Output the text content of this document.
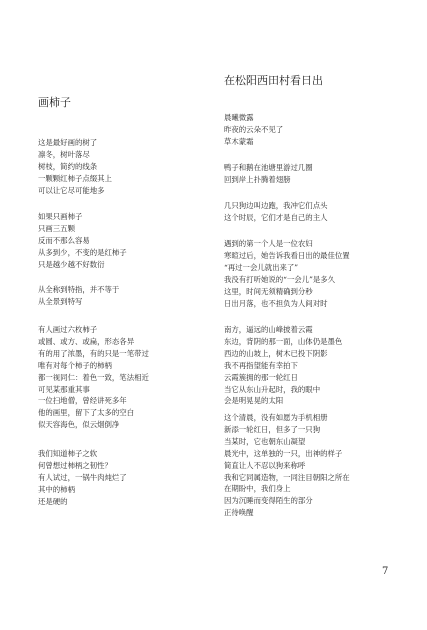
画柿子
这是最好画的树了
凛冬，树叶落尽
树枝，简约的线条
一颗颗红柿子点缀其上
可以让它尽可能地多
如果只画柿子
只画三五颗
反而不那么容易
从多到少，不变的是红柿子
只是越少越不好数衍
从全称到特指，并不等于
从全景到特写
有人画过六枚柿子
或圆、或方、或扁，形态各异
有的用了浓墨，有的只是一笔带过
唯有对每个柿子的柿柄
都一视同仁：着色一致，笔法相近
可见某那重其事
一位扫地僧，曾经讲死多年
他的画里，留下了太多的空白
似天容海色，似云烟倒净
我们知道柿子之软
何曾想过柿柄之韧性？
有人试过，一锅牛肉炖烂了
其中的柿柄
还是硬的
在松阳西田村看日出
晨曦微露
昨夜的云朵不见了
草木蒙霜
鸭子和鹅在池塘里游过几圈
回到岸上扑腾着翅膀
几只狗边叫边跑，我冲它们点头
这个时辰，它们才是自己的主人
遇到的第一个人是一位农妇
寒暄过后，她告诉我看日出的最佳位置
“再过一会儿就出来了”
我没有打听她说的“一会儿”是多久
这里，时间无须精确到分秒
日出月落，也不担负为人间对时
南方，逼远的山峰披着云霞
东边，背阴的那一面，山体仍是墨色
西边的山坡上，树木已投下阴影
我不再指望能有幸拍下
云霞簇拥的那一轮红日
当它从东山升起时，我的眼中
会是明晃晃的太阳
这个清晨，没有如愿为手机相册
新添一轮红日，但多了一只狗
当某时，它也朝东山凝望
晨光中，这单独的一只，出神的样子
简直让人不忍以狗来称呼
我和它同属造物，一同注目朝阳之所在
在期盼中，我们身上
因为沉睡而变得陌生的部分
正待唤醒
7
